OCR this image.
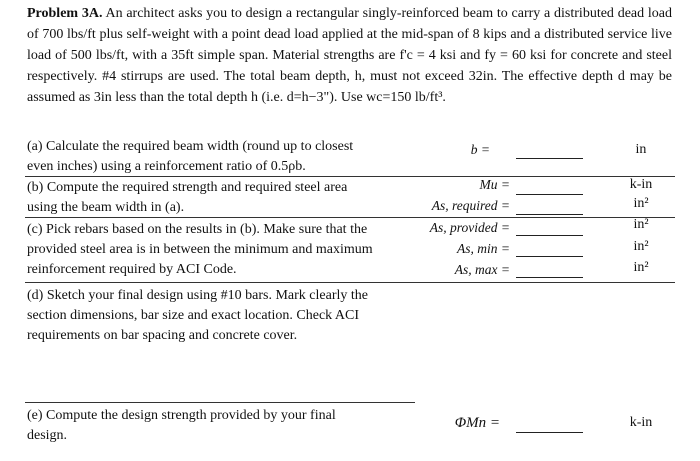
Problem 3A. An architect asks you to design a rectangular singly-reinforced beam to carry a distributed dead load of 700 lbs/ft plus self-weight with a point dead load applied at the mid-span of 8 kips and a distributed service live load of 500 lbs/ft, with a 35ft simple span. Material strengths are f'c = 4 ksi and fy = 60 ksi for concrete and steel respectively. #4 stirrups are used. The total beam depth, h, must not exceed 32in. The effective depth d may be assumed as 3in less than the total depth h (i.e. d=h−3"). Use wc=150 lb/ft³.

(a) Calculate the required beam width (round up to closest
even inches) using a reinforcement ratio of 0.5ρb.
b =	in
(b) Compute the required strength and required steel area
using the beam width in (a).
Mu =	k-in
As, required =	in²
(c) Pick rebars based on the results in (b). Make sure that the
provided steel area is in between the minimum and maximum
reinforcement required by ACI Code.
As, provided =	in²
As, min =	in²
As, max =	in²
(d) Sketch your final design using #10 bars. Mark clearly the
section dimensions, bar size and exact location. Check ACI
requirements on bar spacing and concrete cover.
(e) Compute the design strength provided by your final
design.
ΦMn =	k-in
